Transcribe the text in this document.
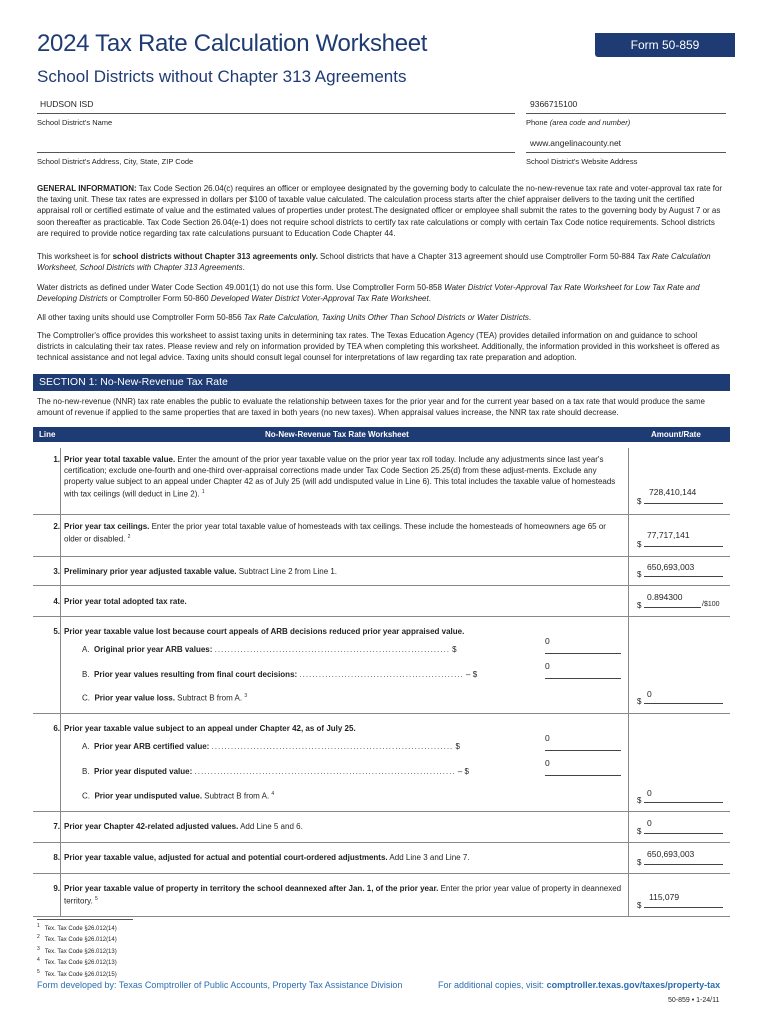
2024 Tax Rate Calculation Worksheet	Form 50-859
School Districts without Chapter 313 Agreements
HUDSON ISD
School District's Name
9366715100
Phone (area code and number)
School District's Address, City, State, ZIP Code
www.angelinacounty.net
School District's Website Address
GENERAL INFORMATION: Tax Code Section 26.04(c) requires an officer or employee designated by the governing body to calculate the no-new-revenue tax rate and voter-approval tax rate for the taxing unit. These tax rates are expressed in dollars per $100 of taxable value calculated. The calculation process starts after the chief appraiser delivers to the taxing unit the certified appraisal roll or certified estimate of value and the estimated values of properties under protest.The designated officer or employee shall submit the rates to the governing body by August 7 or as soon thereafter as practicable. Tax Code Section 26.04(e-1) does not require school districts to certify tax rate calculations or comply with certain Tax Code notice requirements. School districts are required to provide notice regarding tax rate calculations pursuant to Education Code Chapter 44.
This worksheet is for school districts without Chapter 313 agreements only. School districts that have a Chapter 313 agreement should use Comptroller Form 50-884 Tax Rate Calculation Worksheet, School Districts with Chapter 313 Agreements.
Water districts as defined under Water Code Section 49.001(1) do not use this form. Use Comptroller Form 50-858 Water District Voter-Approval Tax Rate Worksheet for Low Tax Rate and Developing Districts or Comptroller Form 50-860 Developed Water District Voter-Approval Tax Rate Worksheet.
All other taxing units should use Comptroller Form 50-856 Tax Rate Calculation, Taxing Units Other Than School Districts or Water Districts.
The Comptroller's office provides this worksheet to assist taxing units in determining tax rates. The Texas Education Agency (TEA) provides detailed information on and guidance to school districts in calculating their tax rates. Please review and rely on information provided by TEA when completing this worksheet. Additionally, the information provided in this worksheet is offered as technical assistance and not legal advice. Taxing units should consult legal counsel for interpretations of law regarding tax rate preparation and adoption.
SECTION 1: No-New-Revenue Tax Rate
The no-new-revenue (NNR) tax rate enables the public to evaluate the relationship between taxes for the prior year and for the current year based on a tax rate that would produce the same amount of revenue if applied to the same properties that are taxed in both years (no new taxes). When appraisal values increase, the NNR tax rate should decrease.
Line	No-New-Revenue Tax Rate Worksheet	Amount/Rate
1. Prior year total taxable value. Enter the amount of the prior year taxable value on the prior year tax roll today. Include any adjustments since last year's certification; exclude one-fourth and one-third over-appraisal corrections made under Tax Code Section 25.25(d) from these adjust-ments. Exclude any property value subject to an appeal under Chapter 42 as of July 25 (will add undisputed value in Line 6). This total includes the taxable value of homesteads with tax ceilings (will deduct in Line 2). $^1$	728,410,144
$
2. Prior year tax ceilings. Enter the prior year total taxable value of homesteads with tax ceilings. These include the homesteads of homeowners age 65 or older or disabled. $^2$	77,717,141
$
3. Preliminary prior year adjusted taxable value. Subtract Line 2 from Line 1.	650,693,003
$
4. Prior year total adopted tax rate.	0.894300
$	/$100
5. Prior year taxable value lost because court appeals of ARB decisions reduced prior year appraised value.
A. Original prior year ARB values: ......................................................................... $
0
B. Prior year values resulting from final court decisions: ................................................... – $
0
C. Prior year value loss. Subtract B from A. $^3$	0
$
6. Prior year taxable value subject to an appeal under Chapter 42, as of July 25.
A. Prior year ARB certified value: ........................................................................... $
0
B. Prior year disputed value: ................................................................................. – $
0
C. Prior year undisputed value. Subtract B from A. $^4$	0
$
7. Prior year Chapter 42-related adjusted values. Add Line 5 and 6.	0
$
8. Prior year taxable value, adjusted for actual and potential court-ordered adjustments. Add Line 3 and Line 7.	650,693,003
$
9. Prior year taxable value of property in territory the school deannexed after Jan. 1, of the prior year. Enter the prior year value of property in deannexed territory. $^5$	115,079
$
$^1$ Tex. Tax Code §26.012(14)
$^2$ Tex. Tax Code §26.012(14)
$^3$ Tex. Tax Code §26.012(13)
$^4$ Tex. Tax Code §26.012(13)
$^5$ Tex. Tax Code §26.012(15)
Form developed by: Texas Comptroller of Public Accounts, Property Tax Assistance Division	For additional copies, visit: comptroller.texas.gov/taxes/property-tax
50-859 • 1-24/11
